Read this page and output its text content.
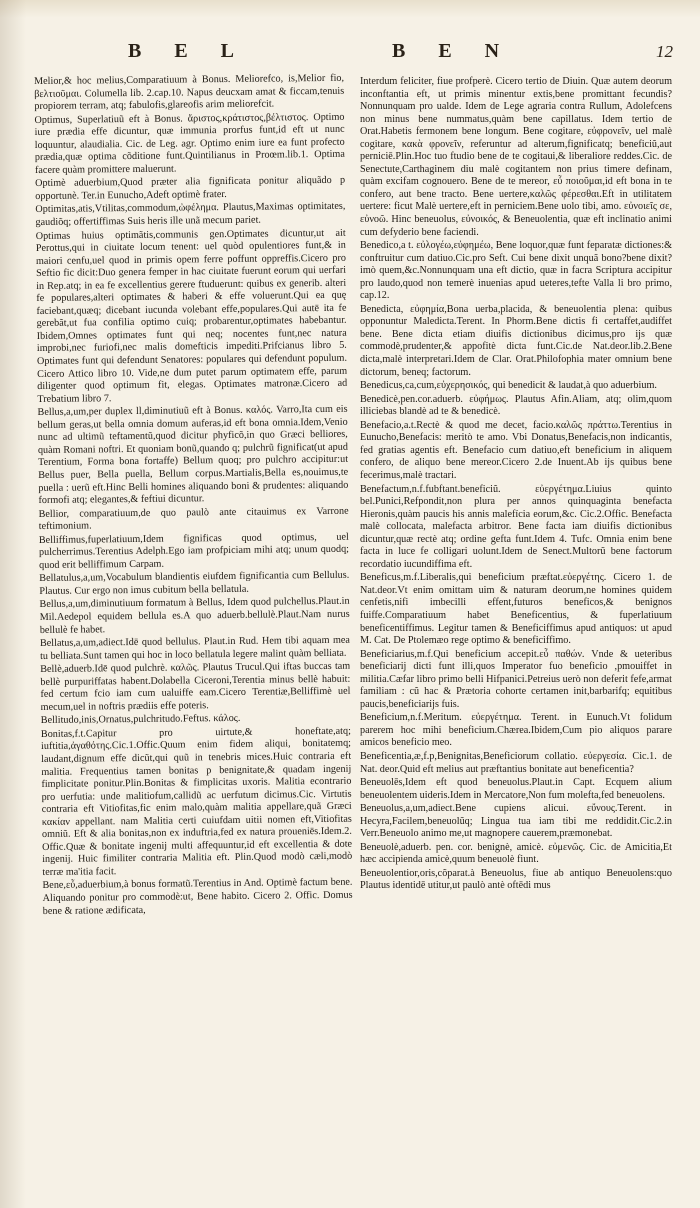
B E L	B E N	12

Melior,& hoc melius,Comparatiuum à Bonus. Meliorefco, is,Melior fio, βελτιοῦμαι. Columella lib. 2.cap.10. Napus deucxam amat & ficcam,tenuis propiorem terram, atq; fabulofis,glareofis arim meliorefcit.

Optimus, Superlatiuũ eft à Bonus. ἄριστος,κράτιστος,βέλτιστος. Optimo iure prædia effe dicuntur, quæ immunia prorfus funt,id eft ut nunc loquuntur, alaudialia. Cic. de Leg. agr. Optimo enim iure ea funt profecto prædia,quæ optima cõditione funt.Quintilianus in Proœm.lib.1. Optima facere quàm promittere maluerunt.

Optimè aduerbium,Quod præter alia fignificata ponitur aliquãdo p opportunè. Ter.in Eunucho,Adeft optimè frater.

Optimitas,atis,Vtilitas,commodum,ὠφέλημα. Plautus,Maximas optimitates, gaudiõq; offertiffimas Suis heris ille unã mecum pariet.

Optimas huius optimãtis,communis gen.Optimates dicuntur,ut ait Perottus,qui in ciuitate locum tenent: uel quòd opulentiores funt,& in maiori cenfu,uel quod in primis opem ferre poffunt oppreffis.Cicero pro Seftio fic dicit:Duo genera femper in hac ciuitate fuerunt eorum qui uerfari in Rep.atq; in ea fe excellentius gerere ftuduerunt: quibus ex generib. alteri fe populares,alteri optimates & haberi & effe voluerunt.Qui ea quę faciebant,quæq; dicebant iucunda volebant effe,populares.Qui autē ita fe gerebãt,ut fua confilia optimo cuiq; probarentur,optimates habebantur. Ibidem,Omnes optimates funt qui neq; nocentes funt,nec natura improbi,nec furiofi,nec malis domefticis impediti.Prifcianus libro 5. Optimates funt qui defendunt Senatores: populares qui defendunt populum. Cicero Attico libro 10. Vide,ne dum putet parum optimatem effe, parum diligenter quod optimum fit, elegas. Optimates matronæ.Cicero ad Trebatium libro 7.

Bellus,a,um,per duplex ll,diminutiuũ eft à Bonus. καλός. Varro,Ita cum eis bellum geras,ut bella omnia domum auferas,id eft bona omnia.Idem,Venio nunc ad ultimũ teftamentũ,quod dicitur phyficõ,in quo Græci belliores, quàm Romani noftri. Et quoniam bonũ,quando q; pulchrũ fignificat(ut apud Terentium, Forma bona fortaffe) Bellum quoq; pro pulchro accipitur:ut Bellus puer, Bella puella, Bellum corpus.Martialis,Bella es,nouimus,te puella : uerũ eft.Hinc Belli homines aliquando boni & prudentes: aliquando formofi atq; elegantes,& feftiui dicuntur.

Bellior, comparatiuum,de quo paulò ante citauimus ex Varrone teftimonium.

Belliffimus,fuperlatiuum,Idem fignificas quod optimus, uel pulcherrimus.Terentius Adelph.Ego iam profpiciam mihi atq; unum quodq; quod erit belliffimum Carpam.

Bellatulus,a,um,Vocabulum blandientis eiufdem fignificantia cum Bellulus. Plautus. Cur ergo non imus cubitum bella bellatula.

Bellus,a,um,diminutiuum formatum à Bellus, Idem quod pulchellus.Plaut.in Mil.Aedepol equidem bellula es.A quo aduerb.bellulè.Plaut.Nam nurus bellulè fe habet.

Bellatus,a,um,adiect.Idē quod bellulus. Plaut.in Rud. Hem tibi aquam mea tu belliata.Sunt tamen qui hoc in loco bellatula legere malint quàm belliata.

Bellè,aduerb.Idē quod pulchrè. καλῶς. Plautus Trucul.Qui iftas buccas tam bellè purpuriffatas habent.Dolabella Ciceroni,Terentia minus bellè habuit: fed certum fcio iam cum ualuiffe eam.Cicero Terentiæ,Belliffimè uel mecum,uel in noftris prædiis effe poteris.

Bellitudo,inis,Ornatus,pulchritudo.Feftus. κάλος.

Bonitas,f.t.Capitur pro uirtute,& honeftate,atq; iuftitia,ἀγαθότης.Cic.1.Offic.Quum enim fidem aliqui, bonitatemq; laudant,dignum effe dicũt,qui quũ in tenebris mices.Huic contraria eft malitia. Frequentius tamen bonitas p benignitate,& quadam ingenij fimplicitate ponitur.Plin.Bonitas & fimplicitas uxoris. Malitia econtrario pro uerfutia: unde malitiofum,callidũ ac uerfutum dicimus.Cic. Virtutis contraria eft Vitiofitas,fic enim malo,quàm malitia appellare,quã Græci κακίαν appellant. nam Malitia certi cuiufdam uitii nomen eft,Vitiofitas omniũ. Eft & alia bonitas,non ex induftria,fed ex natura proueniēs.Idem.2. Offic.Quæ & bonitate ingenij multi affequuntur,id eft excellentia & dote ingenij. Huic fimiliter contraria Malitia eft. Plin.Quod modò cæli,modò terræ ma'itia facit.

Bene,εὖ,aduerbium,à bonus formatũ.Terentius in And. Optimè factum bene. Aliquando ponitur pro commodè:ut, Bene habito. Cicero 2. Offic. Domus bene & ratione ædificata,

Interdum feliciter, fiue profperè. Cicero tertio de Diuin. Quæ autem deorum inconftantia eft, ut primis minentur extis,bene promittant fecundis? Nonnunquam pro ualde. Idem de Lege agraria contra Rullum, Adolefcens non minus bene nummatus,quàm bene capillatus. Idem tertio de Orat.Habetis fermonem bene longum. Bene cogitare, εὐφρονεῖν, uel malè cogitare, κακὰ φρονεῖν, referuntur ad alterum,fignificatq; beneficiũ,aut perniciē.Plin.Hoc tuo ftudio bene de te cogitaui,& liberaliore reddes.Cic. de Senectute,Carthaginem diu malè cogitantem non prius timere definam, quàm excifam cognouero. Bene de te mereor, εὖ ποιοῦμαι,id eft bona in te confero, aut bene tracto. Bene uertere,καλῶς φέρεσθαι.Eft in utilitatem uertere: ficut Malè uertere,eft in perniciem.Bene uolo tibi, amo. εὐνοιεῖς σε, εὐνοῶ. Hinc beneuolus, εὐνοικός, & Beneuolentia, quæ eft inclinatio animi cum defyderio bene faciendi.

Benedico,a t. εὐλογέω,εὐφημέω, Bene loquor,quæ funt feparatæ dictiones:& conftruitur cum datiuo.Cic.pro Seft. Cui bene dixit unquã bono?bene dixit?imò quem,&c.Nonnunquam una eft dictio, quæ in facra Scriptura accipitur pro laudo,quod non temerè inuenias apud ueteres,tefte Valla li bro primo, cap.12.

Benedicta, εὐφημία,Bona uerba,placida, & beneuolentia plena: quibus opponuntur Maledicta.Terent. In Phorm.Bene dictis fi certaffet,audiffet bene. Bene dicta etiam diuifis dictionibus dicimus,pro ijs quæ commodè,prudenter,& appofitè dicta funt.Cic.de Nat.deor.lib.2.Bene dicta,malè interpretari.Idem de Clar. Orat.Philofophia mater omnium bene dictorum, beneq; factorum.

Benedicus,ca,cum,εὐχερησικός, qui benedicit & laudat,à quo aduerbium.

Benedicè,pen.cor.aduerb. εὐφήμως. Plautus Afin.Aliam, atq; olim,quom illiciebas blandè ad te & benedicè.

Benefacio,a.t.Rectè & quod me decet, facio.καλῶς πράττω.Terentius in Eunucho,Benefacis: meritò te amo. Vbi Donatus,Benefacis,non indicantis, fed gratias agentis eft. Benefacio cum datiuo,eft beneficium in aliquem confero, de aliquo bene mereor.Cicero 2.de Inuent.Ab ijs quibus bene fecerimus,malè tractari.

Benefactum,n.f.fubftant.beneficiũ. εὐεργέτημα.Liuius quinto bel.Punici,Refpondit,non plura per annos quinquaginta benefacta Hieronis,quàm paucis his annis malefícia eorum,&c. Cic.2.Offic. Benefacta malè collocata, malefacta arbitror. Bene facta iam diuifis dictionibus dicuntur,quæ rectè atq; ordine gefta funt.Idem 4. Tufc. Omnia enim bene facta in luce fe colligari uolunt.Idem de Senect.Multorũ bene factorum recordatio iucundiffima eft.

Beneficus,m.f.Liberalis,qui beneficium præftat.εὐεργέτης. Cicero 1. de Nat.deor.Vt enim omittam uim & naturam deorum,ne homines quidem cenfetis,nifi imbecilli effent,futuros beneficos,& benignos fuiffe.Comparatiuum habet Beneficentius, & fuperlatiuum beneficentiffimus. Legitur tamen & Beneficiffimus apud antiquos: ut apud M. Cat. De Ptolemæo rege optimo & beneficiffimo.

Beneficiarius,m.f.Qui beneficium accepit.εὖ παθών. Vnde & ueteribus beneficiarij dicti funt illi,quos Imperator fuo beneficio ,pmouiffet in militia.Cæfar libro primo belli Hifpanici.Petreius uerò non deferit fefe,armat familiam : cũ hac & Prætoria cohorte certamen init,barbarifq; equitibus paucis,beneficiarijs fuis.

Beneficium,n.f.Meritum. εὐεργέτημα. Terent. in Eunuch.Vt folidum parerem hoc mihi beneficium.Chærea.Ibidem,Cum pio aliquos parare amicos beneficio meo.

Beneficentia,æ,f.p,Benignitas,Beneficiorum collatio. εὐεργεσία. Cic.1. de Nat. deor.Quid eft melius aut præftantius bonitate aut beneficentia?

Beneuolēs,Idem eft quod beneuolus.Plaut.in Capt. Ecquem alium beneuolentem uideris.Idem in Mercatore,Non fum molefta,fed beneuolens.

Beneuolus,a,um,adiect.Bene cupiens alicui. εὔνους.Terent. in Hecyra,Facilem,beneuolũq; Lingua tua iam tibi me reddidit.Cic.2.in Verr.Beneuolo animo me,ut magnopere cauerem,præmonebat.

Beneuolè,aduerb. pen. cor. benignè, amicè. εὐμενῶς. Cic. de Amicitia,Et hæc accipienda amicè,quum beneuolè fiunt.

Beneuolentior,oris,cõparat.à Beneuolus, fiue ab antiquo Beneuolens:quo Plautus identidē utitur,ut paulò antè oftēdi mus
